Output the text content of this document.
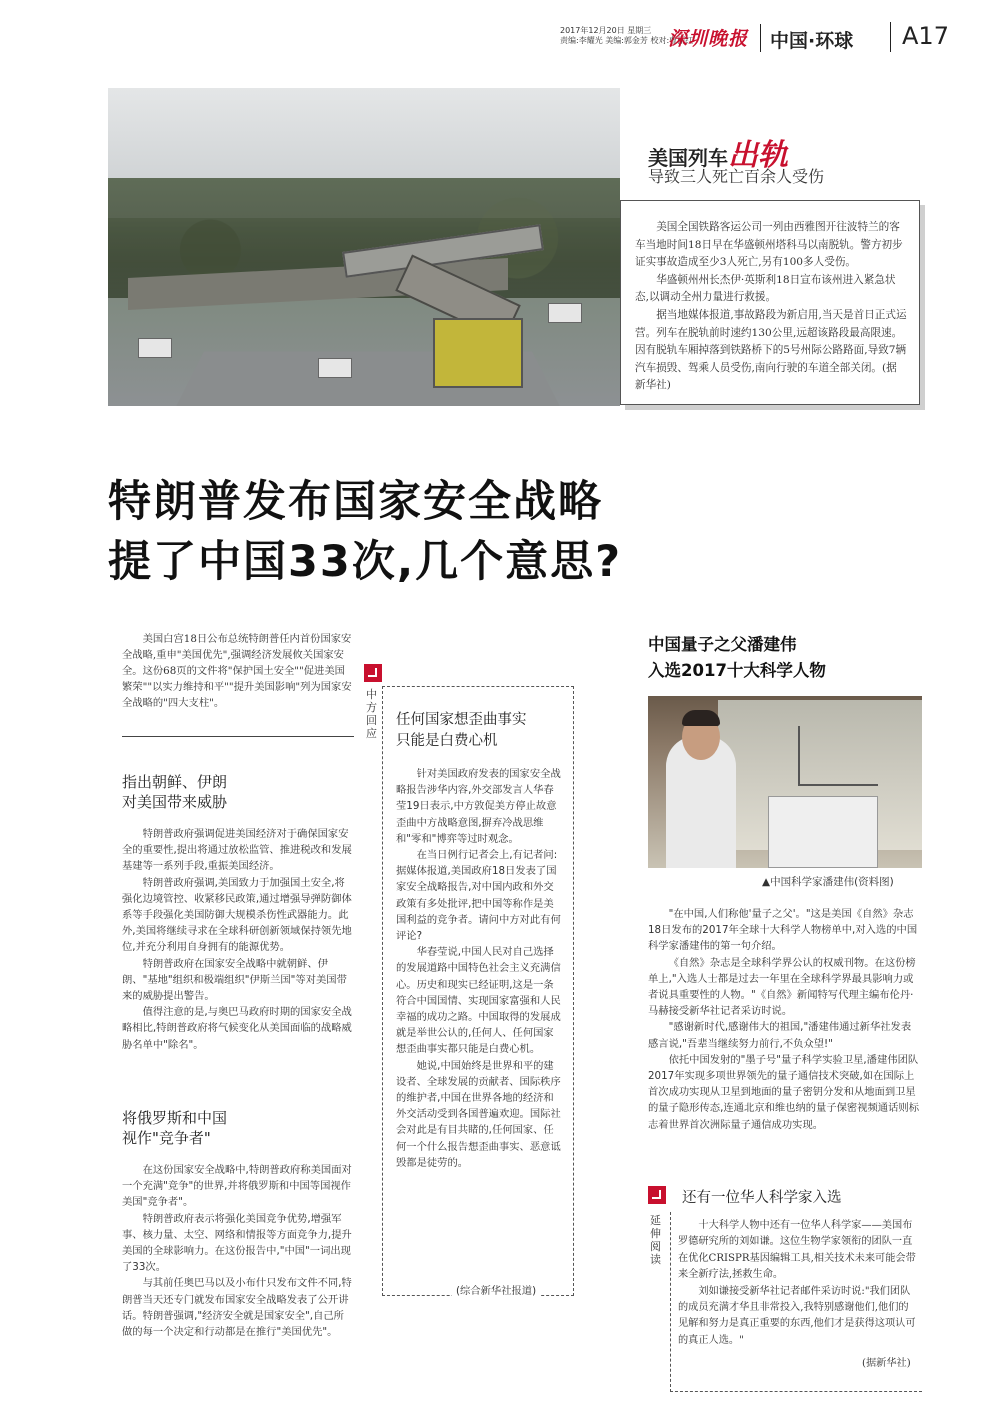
2017年12月20日 星期三
责编:李耀光 美编:郭金芳 校对:曹丽红
深圳晚报	中国·环球 A17
美国列车出轨
导致三人死亡百余人受伤

美国全国铁路客运公司一列由西雅图开往波特兰的客车当地时间18日早在华盛顿州塔科马以南脱轨。警方初步证实事故造成至少3人死亡,另有100多人受伤。

华盛顿州州长杰伊·英斯利18日宣布该州进入紧急状态,以调动全州力量进行救援。

据当地媒体报道,事故路段为新启用,当天是首日正式运营。列车在脱轨前时速约130公里,远超该路段最高限速。因有脱轨车厢掉落到铁路桥下的5号州际公路路面,导致7辆汽车损毁、驾乘人员受伤,南向行驶的车道全部关闭。(据新华社)

特朗普发布国家安全战略
提了中国33次,几个意思?
美国白宫18日公布总统特朗普任内首份国家安全战略,重申"美国优先",强调经济发展攸关国家安全。这份68页的文件将"保护国土安全""促进美国繁荣""以实力维持和平""提升美国影响"列为国家安全战略的"四大支柱"。
指出朝鲜、伊朗
对美国带来威胁

特朗普政府强调促进美国经济对于确保国家安全的重要性,提出将通过放松监管、推进税改和发展基建等一系列手段,重振美国经济。

特朗普政府强调,美国致力于加强国土安全,将强化边境管控、收紧移民政策,通过增强导弹防御体系等手段强化美国防御大规模杀伤性武器能力。此外,美国将继续寻求在全球科研创新领域保持领先地位,并充分利用自身拥有的能源优势。

特朗普政府在国家安全战略中就朝鲜、伊朗、"基地"组织和极端组织"伊斯兰国"等对美国带来的威胁提出警告。

值得注意的是,与奥巴马政府时期的国家安全战略相比,特朗普政府将气候变化从美国面临的战略威胁名单中"除名"。

将俄罗斯和中国
视作"竞争者"

在这份国家安全战略中,特朗普政府称美国面对一个充满"竞争"的世界,并将俄罗斯和中国等国视作美国"竞争者"。

特朗普政府表示将强化美国竞争优势,增强军事、核力量、太空、网络和情报等方面竞争力,提升美国的全球影响力。在这份报告中,"中国"一词出现了33次。

与其前任奥巴马以及小布什只发布文件不同,特朗普当天还专门就发布国家安全战略发表了公开讲话。特朗普强调,"经济安全就是国家安全",自己所做的每一个决定和行动都是在推行"美国优先"。

中方回应
任何国家想歪曲事实
只能是白费心机

针对美国政府发表的国家安全战略报告涉华内容,外交部发言人华春莹19日表示,中方敦促美方停止故意歪曲中方战略意图,摒弃冷战思维和"零和"博弈等过时观念。

在当日例行记者会上,有记者问:据媒体报道,美国政府18日发表了国家安全战略报告,对中国内政和外交政策有多处批评,把中国等称作是美国利益的竞争者。请问中方对此有何评论?

华春莹说,中国人民对自己选择的发展道路中国特色社会主义充满信心。历史和现实已经证明,这是一条符合中国国情、实现国家富强和人民幸福的成功之路。中国取得的发展成就是举世公认的,任何人、任何国家想歪曲事实都只能是白费心机。

她说,中国始终是世界和平的建设者、全球发展的贡献者、国际秩序的维护者,中国在世界各地的经济和外交活动受到各国普遍欢迎。国际社会对此是有目共睹的,任何国家、任何一个什么报告想歪曲事实、恶意诋毁都是徒劳的。

(综合新华社报道)
中国量子之父潘建伟
入选2017十大科学人物
▲中国科学家潘建伟(资料图)

"在中国,人们称他'量子之父'。"这是美国《自然》杂志18日发布的2017年全球十大科学人物榜单中,对入选的中国科学家潘建伟的第一句介绍。

《自然》杂志是全球科学界公认的权威刊物。在这份榜单上,"入选人士都是过去一年里在全球科学界最具影响力或者说具重要性的人物。"《自然》新闻特写代理主编布伦丹·马赫接受新华社记者采访时说。

"感谢新时代,感谢伟大的祖国,"潘建伟通过新华社发表感言说,"吾辈当继续努力前行,不负众望!"

依托中国发射的"墨子号"量子科学实验卫星,潘建伟团队2017年实现多项世界领先的量子通信技术突破,如在国际上首次成功实现从卫星到地面的量子密钥分发和从地面到卫星的量子隐形传态,连通北京和维也纳的量子保密视频通话则标志着世界首次洲际量子通信成功实现。

还有一位华人科学家入选
延伸阅读

十大科学人物中还有一位华人科学家——美国布罗德研究所的刘如谦。这位生物学家领衔的团队一直在优化CRISPR基因编辑工具,相关技术未来可能会带来全新疗法,拯救生命。

刘如谦接受新华社记者邮件采访时说:"我们团队的成员充满才华且非常投入,我特别感谢他们,他们的见解和努力是真正重要的东西,他们才是获得这项认可的真正人选。"

(据新华社)
